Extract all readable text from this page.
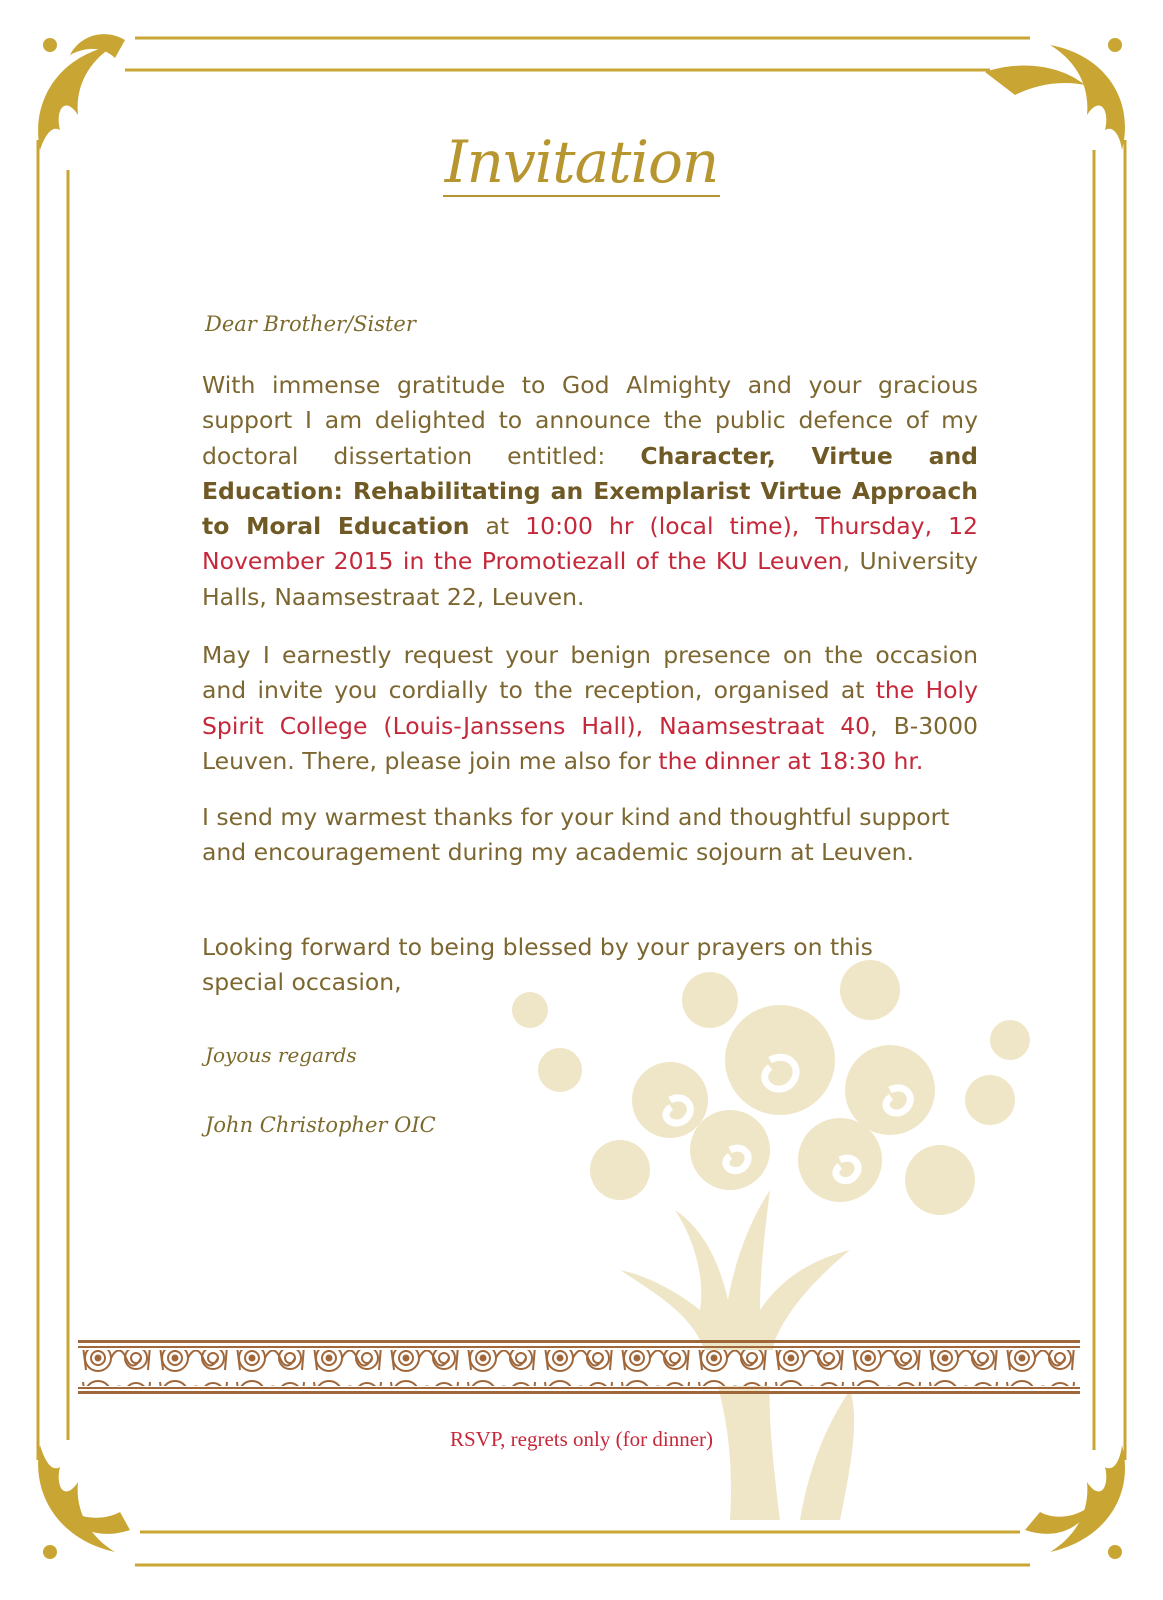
Invitation
Dear Brother/Sister
With immense gratitude to God Almighty and your gracious support I am delighted to announce the public defence of my doctoral dissertation entitled: Character, Virtue and Education: Rehabilitating an Exemplarist Virtue Approach to Moral Education at 10:00 hr (local time), Thursday, 12 November 2015 in the Promotiezall of the KU Leuven, University Halls, Naamsestraat 22, Leuven.
May I earnestly request your benign presence on the occasion and invite you cordially to the reception, organised at the Holy Spirit College (Louis-Janssens Hall), Naamsestraat 40, B-3000 Leuven. There, please join me also for the dinner at 18:30 hr.
I send my warmest thanks for your kind and thoughtful support and encouragement during my academic sojourn at Leuven.
Looking forward to being blessed by your prayers on this special occasion,
Joyous regards
John Christopher OIC
RSVP, regrets only (for dinner)
